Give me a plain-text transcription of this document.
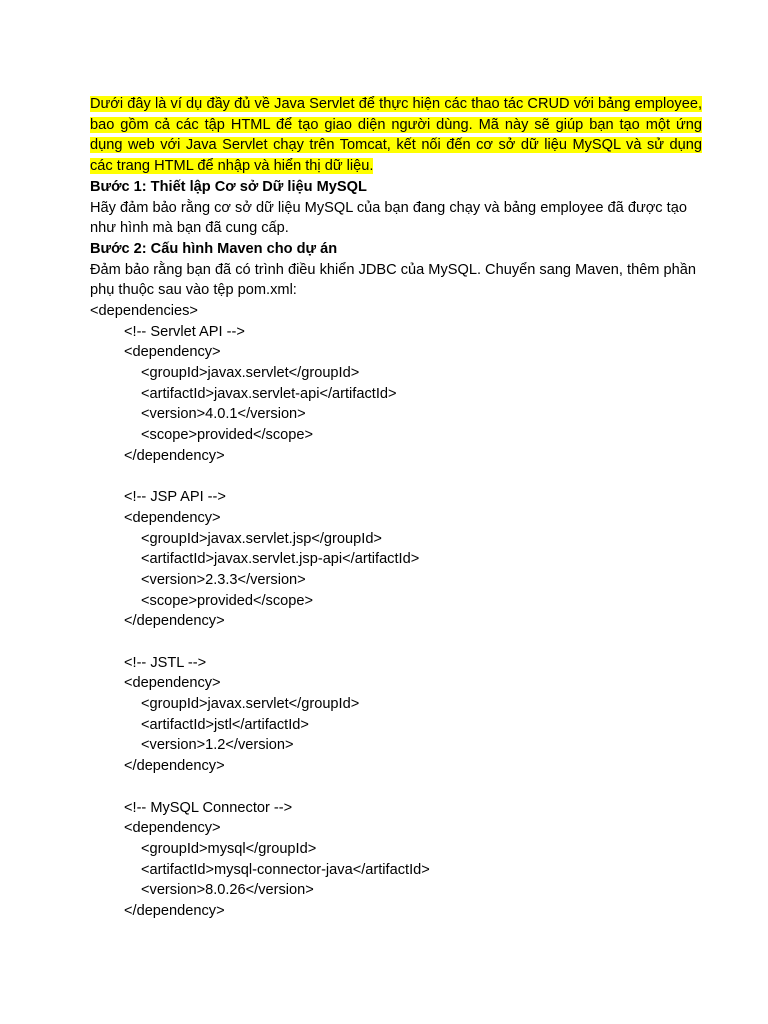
Dưới đây là ví dụ đầy đủ về Java Servlet để thực hiện các thao tác CRUD với bảng employee, bao gồm cả các tập HTML để tạo giao diện người dùng. Mã này sẽ giúp bạn tạo một ứng dụng web với Java Servlet chạy trên Tomcat, kết nối đến cơ sở dữ liệu MySQL và sử dụng các trang HTML để nhập và hiển thị dữ liệu.

Bước 1: Thiết lập Cơ sở Dữ liệu MySQL

Hãy đảm bảo rằng cơ sở dữ liệu MySQL của bạn đang chạy và bảng employee đã được tạo như hình mà bạn đã cung cấp.

Bước 2: Cấu hình Maven cho dự án

Đảm bảo rằng bạn đã có trình điều khiển JDBC của MySQL. Chuyển sang Maven, thêm phần phụ thuộc sau vào tệp pom.xml:

<dependencies>

<!-- Servlet API -->

<dependency>

<groupId>javax.servlet</groupId>

<artifactId>javax.servlet-api</artifactId>

<version>4.0.1</version>

<scope>provided</scope>

</dependency>

<!-- JSP API -->

<dependency>

<groupId>javax.servlet.jsp</groupId>

<artifactId>javax.servlet.jsp-api</artifactId>

<version>2.3.3</version>

<scope>provided</scope>

</dependency>

<!-- JSTL -->

<dependency>

<groupId>javax.servlet</groupId>

<artifactId>jstl</artifactId>

<version>1.2</version>

</dependency>

<!-- MySQL Connector -->

<dependency>

<groupId>mysql</groupId>

<artifactId>mysql-connector-java</artifactId>

<version>8.0.26</version>

</dependency>
